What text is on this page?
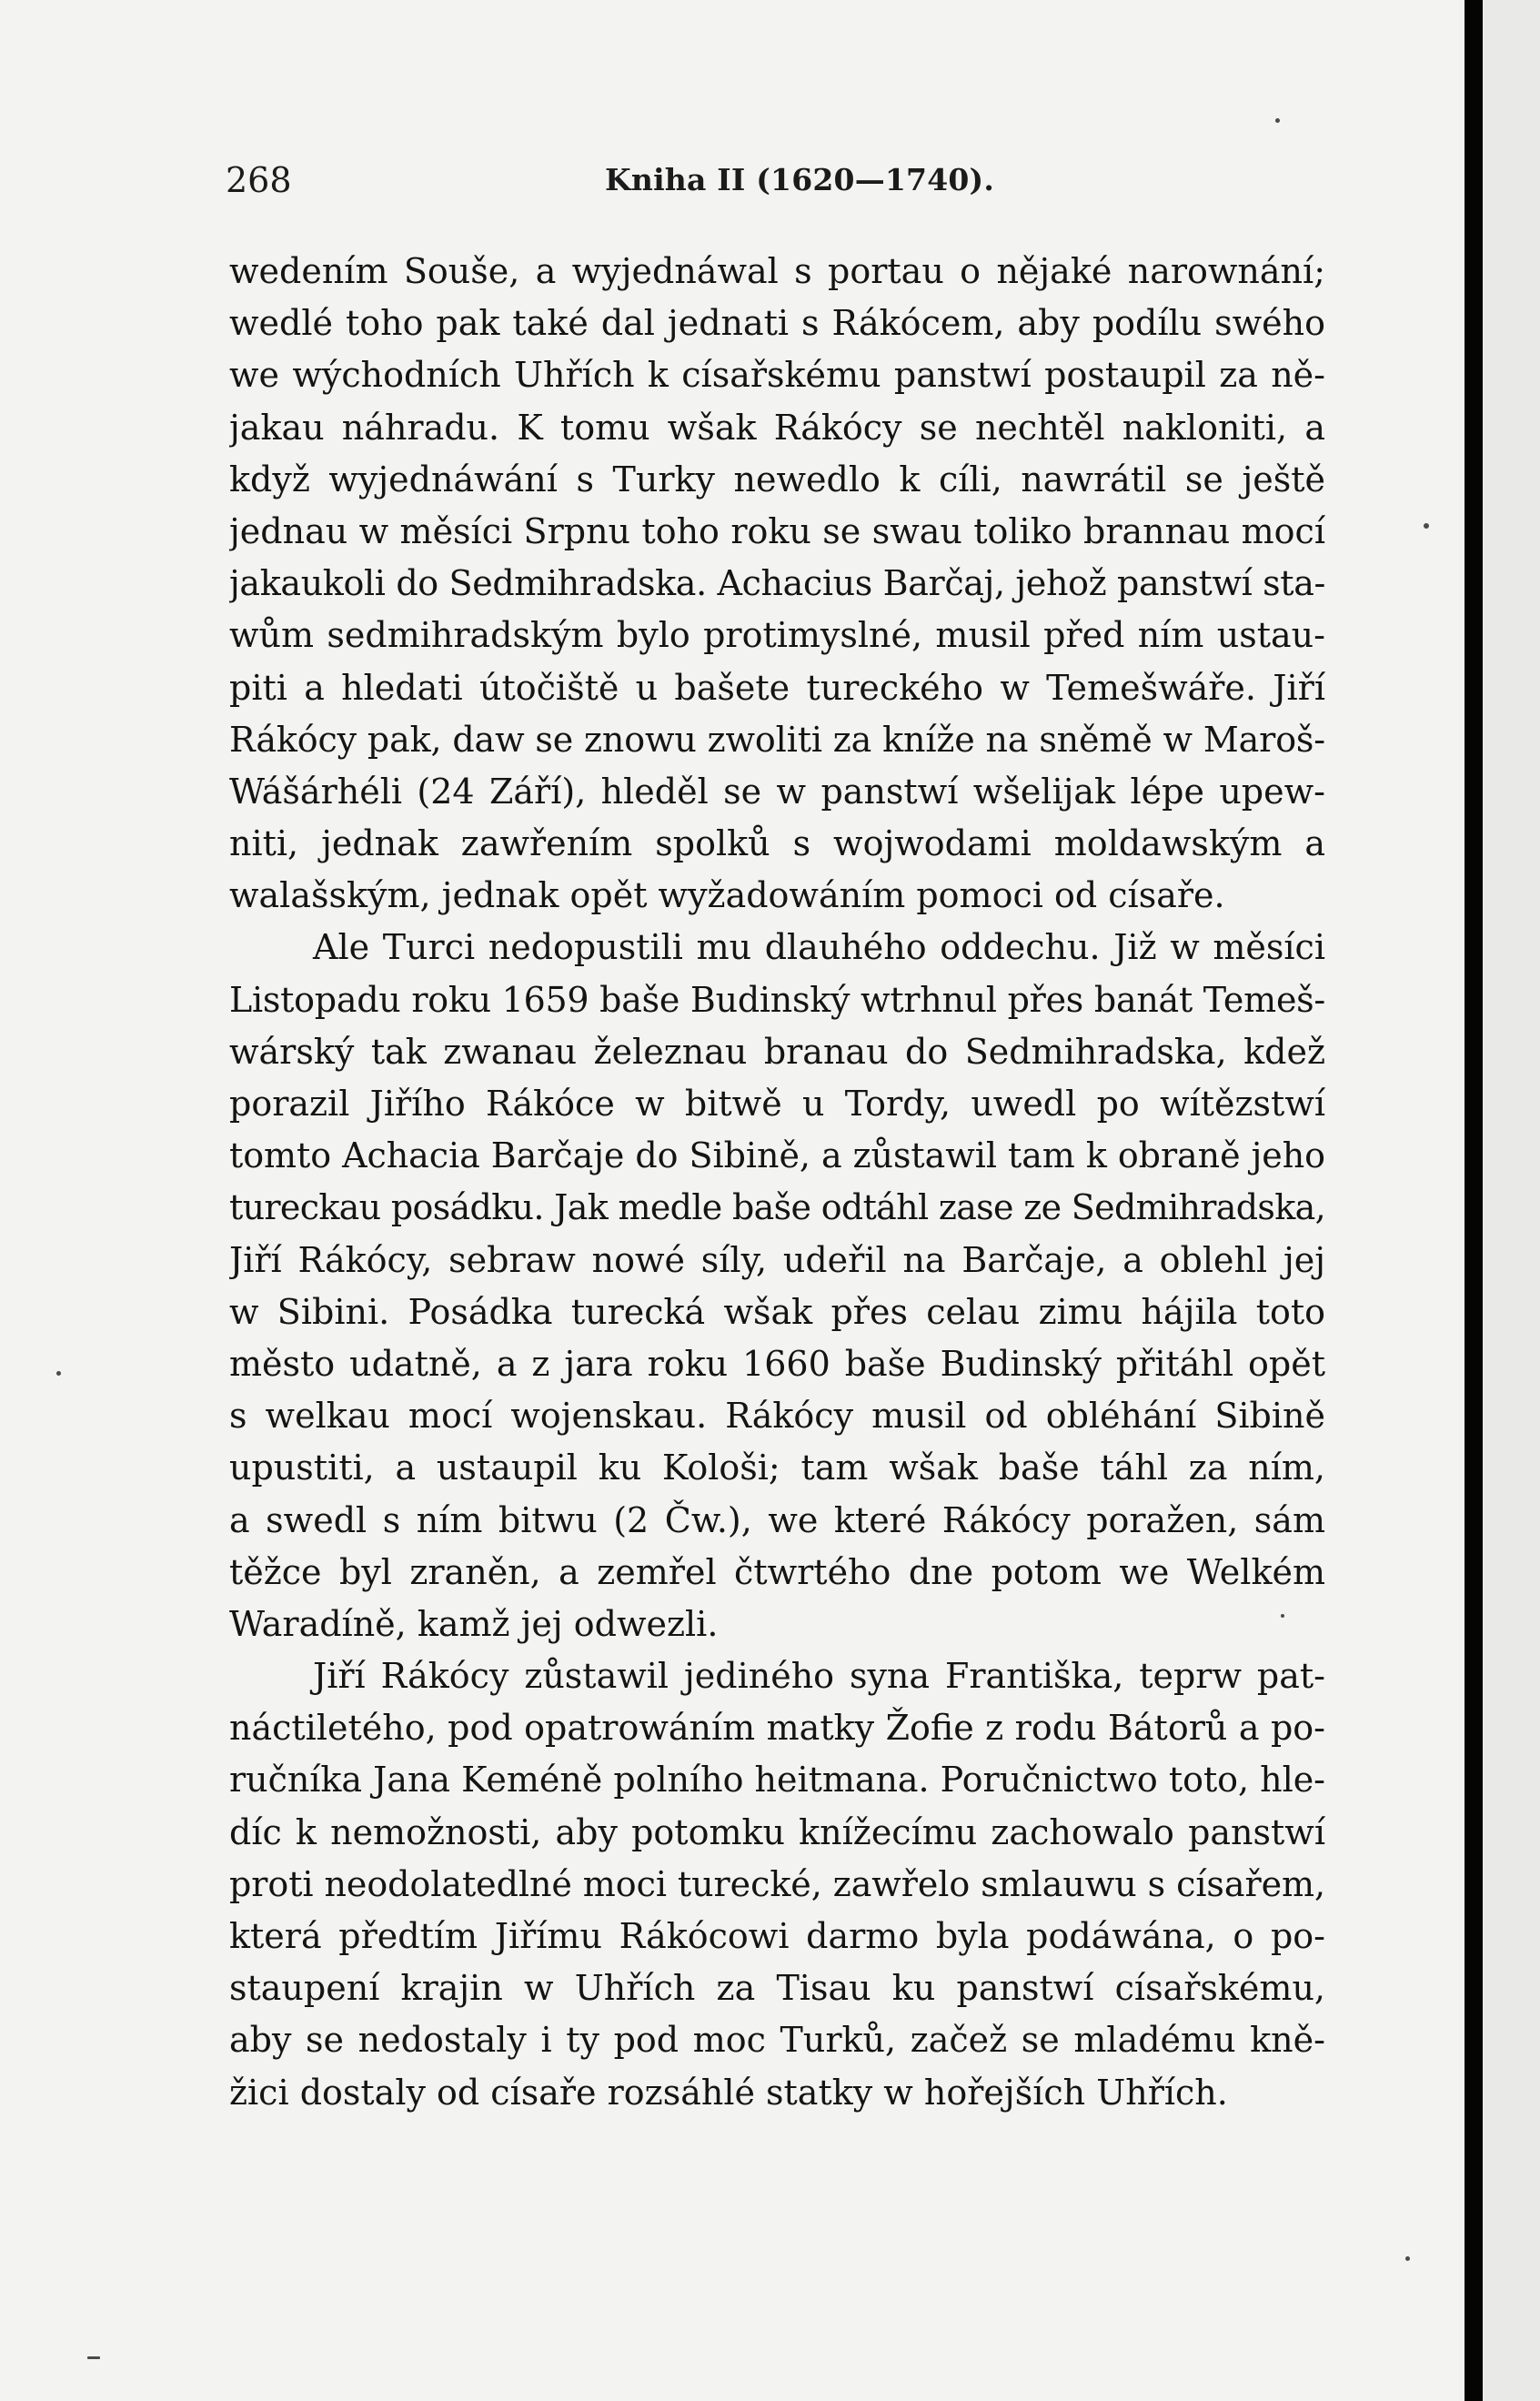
268	Kniha II (1620—1740).
wedením Souše, a wyjednáwal s portau o nějaké narownání;
wedlé toho pak také dal jednati s Rákócem, aby podílu swého
we wýchodních Uhřích k císařskému panstwí postaupil za ně-
jakau náhradu. K tomu wšak Rákócy se nechtěl nakloniti, a
když wyjednáwání s Turky newedlo k cíli, nawrátil se ještě
jednau w měsíci Srpnu toho roku se swau toliko brannau mocí
jakaukoli do Sedmihradska. Achacius Barčaj, jehož panstwí sta-
wům sedmihradským bylo protimyslné, musil před ním ustau-
piti a hledati útočiště u bašete tureckého w Temešwáře. Jiří
Rákócy pak, daw se znowu zwoliti za kníže na sněmě w Maroš-
Wášárhéli (24 Září), hleděl se w panstwí wšelijak lépe upew-
niti, jednak zawřením spolků s wojwodami moldawským a
walašským, jednak opět wyžadowáním pomoci od císaře.
Ale Turci nedopustili mu dlauhého oddechu. Již w měsíci
Listopadu roku 1659 baše Budinský wtrhnul přes banát Temeš-
wárský tak zwanau železnau branau do Sedmihradska, kdež
porazil Jiřího Rákóce w bitwě u Tordy, uwedl po wítězstwí
tomto Achacia Barčaje do Sibině, a zůstawil tam k obraně jeho
tureckau posádku. Jak medle baše odtáhl zase ze Sedmihradska,
Jiří Rákócy, sebraw nowé síly, udeřil na Barčaje, a oblehl jej
w Sibini. Posádka turecká wšak přes celau zimu hájila toto
město udatně, a z jara roku 1660 baše Budinský přitáhl opět
s welkau mocí wojenskau. Rákócy musil od obléhání Sibině
upustiti, a ustaupil ku Kološi; tam wšak baše táhl za ním,
a swedl s ním bitwu (2 Čw.), we které Rákócy poražen, sám
těžce byl zraněn, a zemřel čtwrtého dne potom we Welkém
Waradíně, kamž jej odwezli.
Jiří Rákócy zůstawil jediného syna Františka, teprw pat-
náctiletého, pod opatrowáním matky Žofie z rodu Bátorů a po-
ručníka Jana Keméně polního heitmana. Poručnictwo toto, hle-
díc k nemožnosti, aby potomku knížecímu zachowalo panstwí
proti neodolatedlné moci turecké, zawřelo smlauwu s císařem,
která předtím Jiřímu Rákócowi darmo byla podáwána, o po-
staupení krajin w Uhřích za Tisau ku panstwí císařskému,
aby se nedostaly i ty pod moc Turků, začež se mladému kně-
žici dostaly od císaře rozsáhlé statky w hořejších Uhřích.
